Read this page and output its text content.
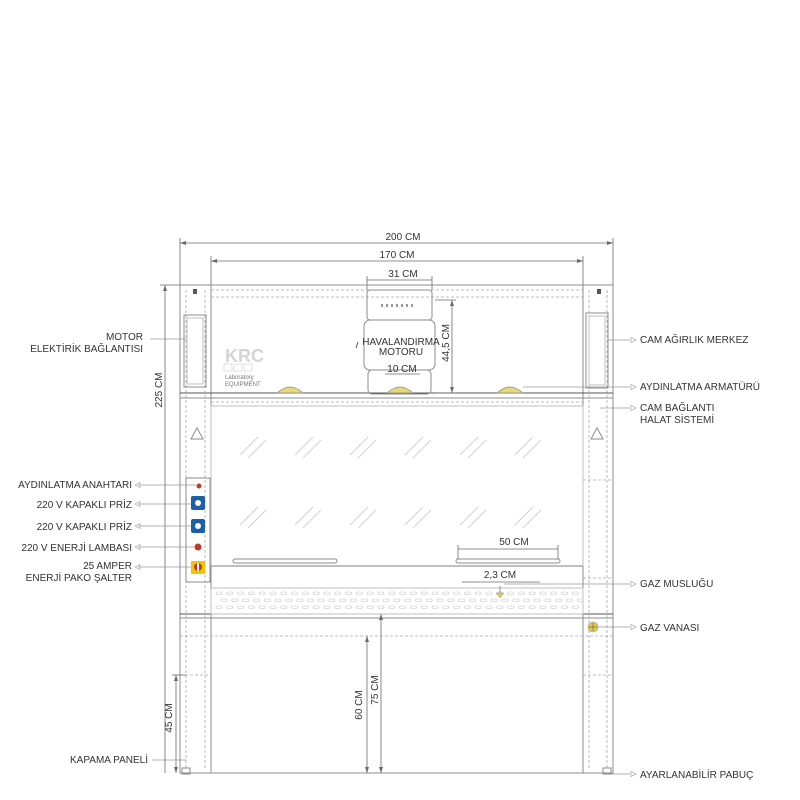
200 CM
170 CM
31 CM
KRC
Laboratory
EQUIPMENT
HAVALANDIRMA
MOTORU 44,5 CM
10 CM
50 CM
2,3 CM
225 CM
45 CM	60 CM
75 CM
MOTOR
ELEKTİRİK BAĞLANTISI
AYDINLATMA ANAHTARI
220 V KAPAKLI PRİZ
220 V KAPAKLI PRİZ
220 V ENERJİ LAMBASI
25 AMPER
ENERJİ PAKO ŞALTER
KAPAMA PANELİ
CAM AĞIRLIK MERKEZ
AYDINLATMA ARMATÜRÜ
CAM BAĞLANTI
HALAT SİSTEMİ
GAZ MUSLUĞU
GAZ VANASI
AYARLANABİLİR PABUÇ
